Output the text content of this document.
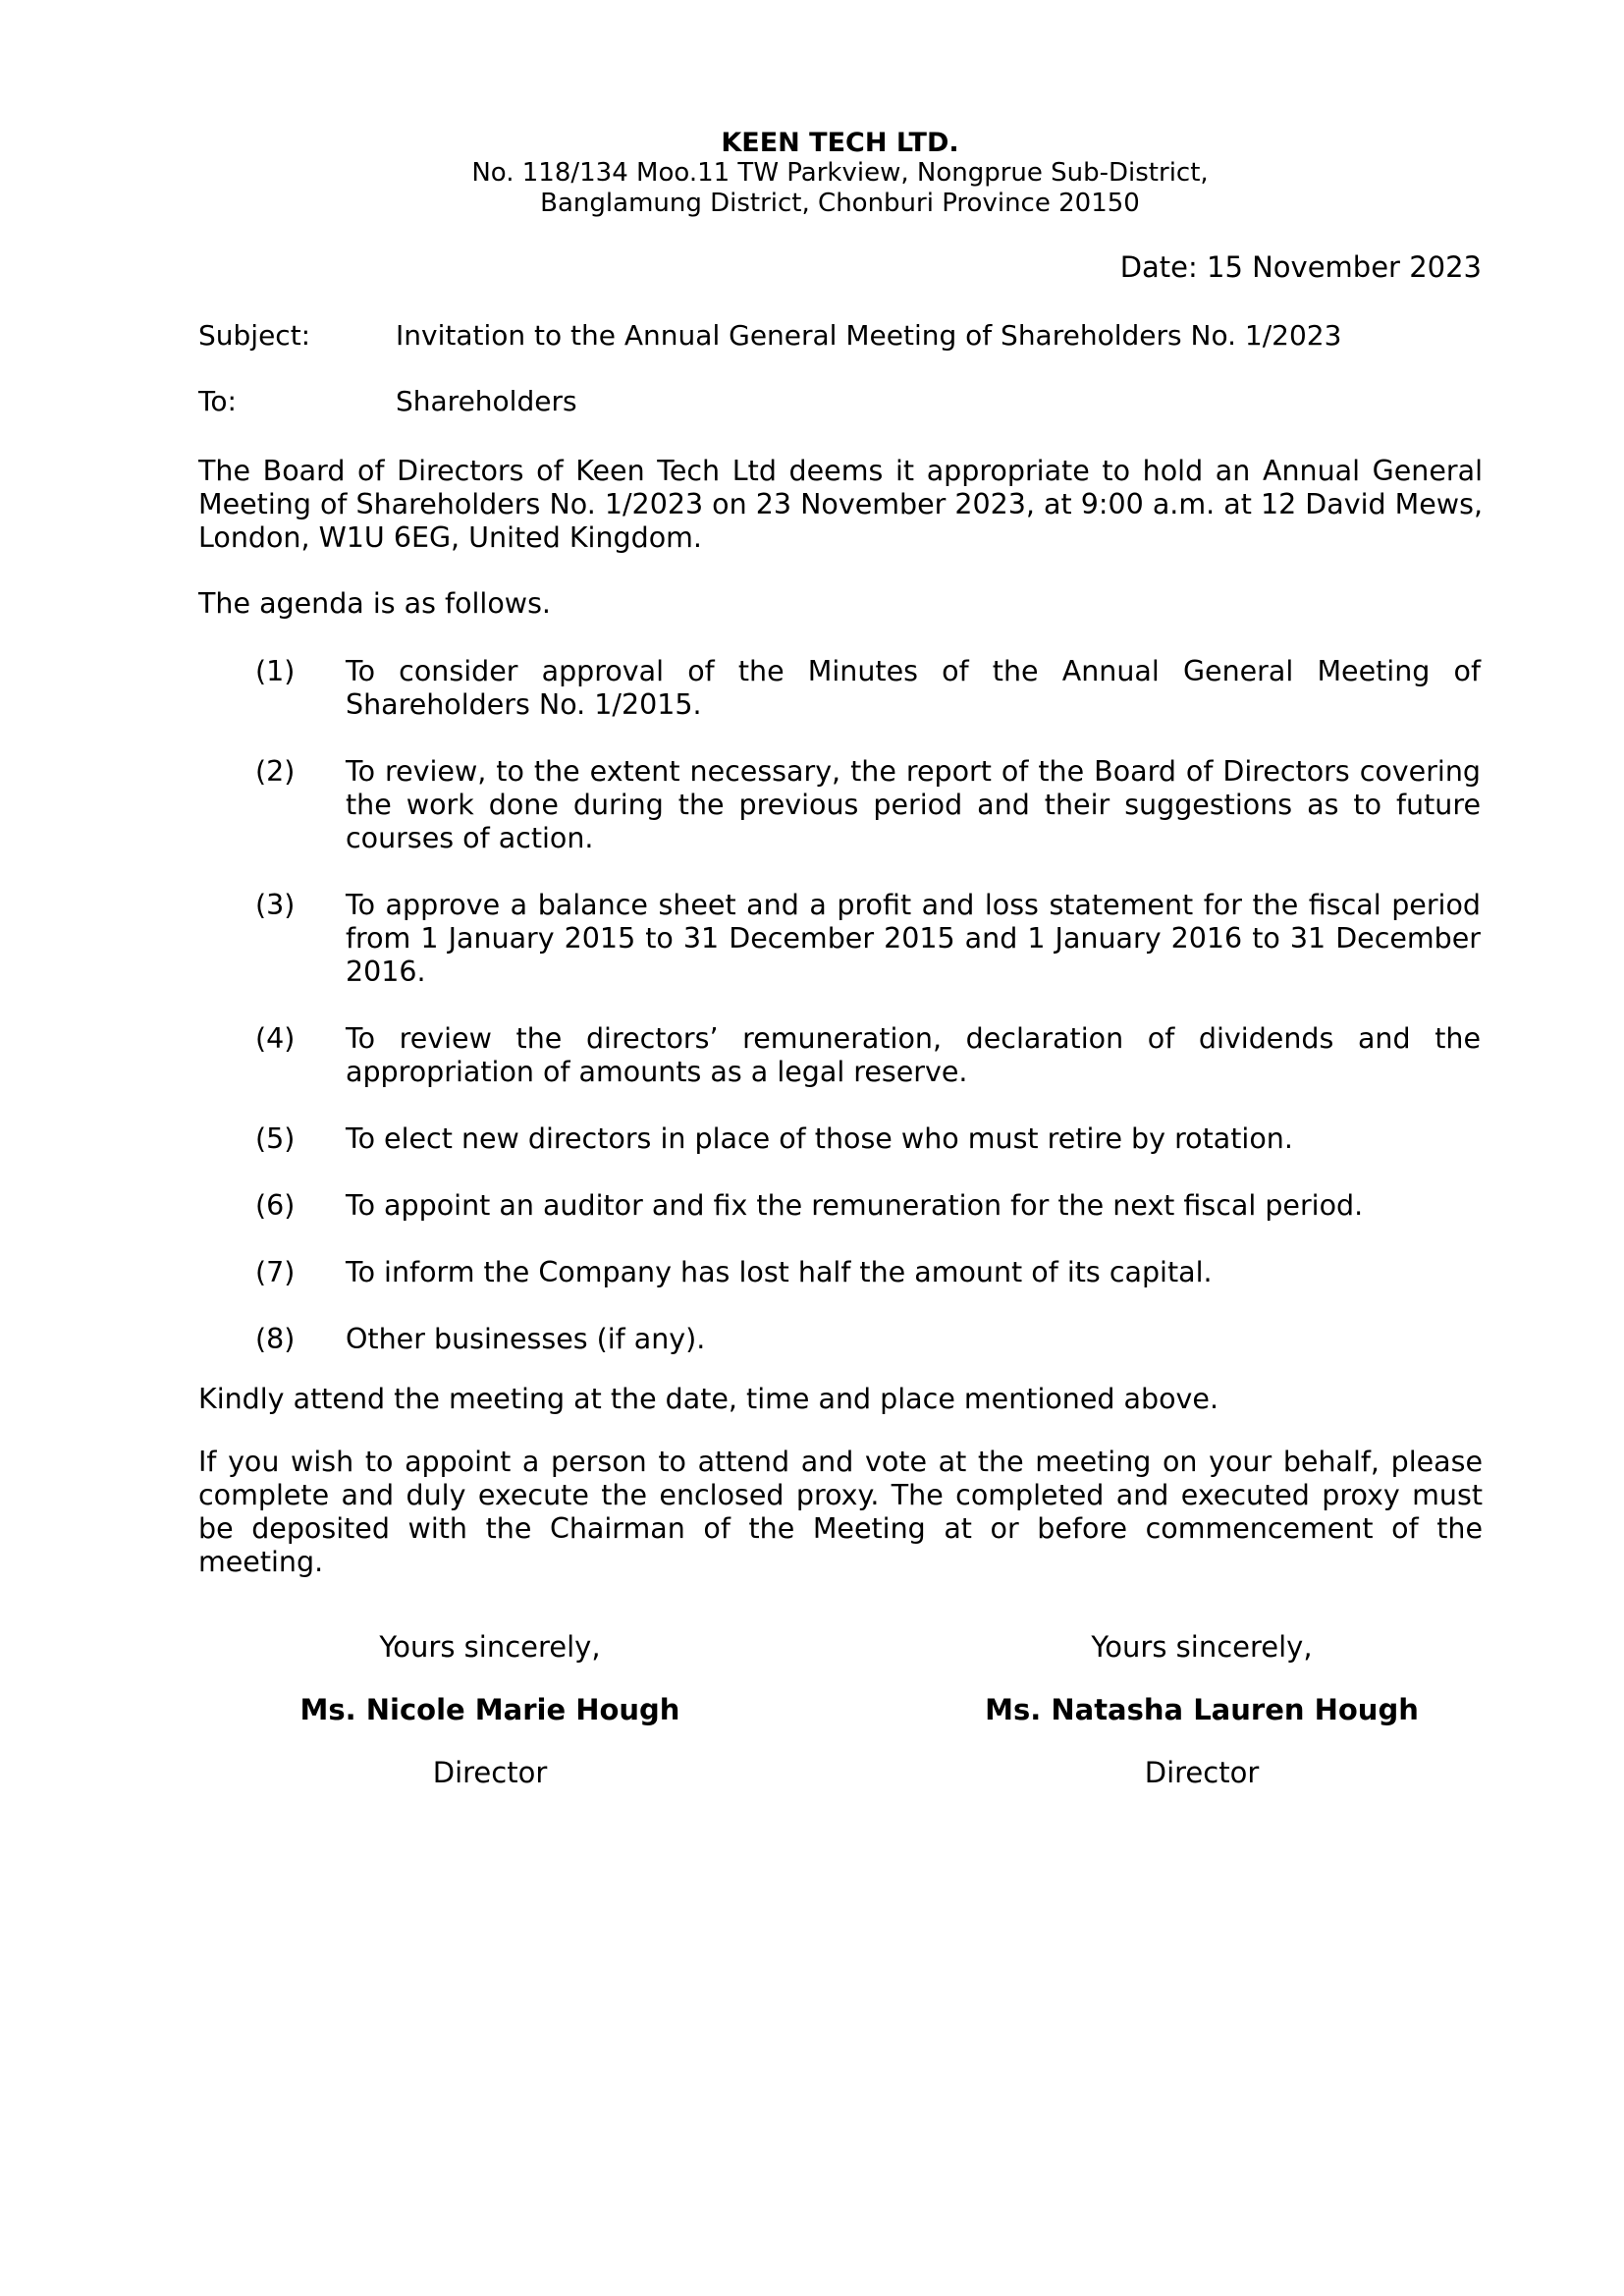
KEEN TECH LTD.
No. 118/134 Moo.11 TW Parkview, Nongprue Sub-District,
Banglamung District, Chonburi Province 20150
Date: 15 November 2023
Subject:	Invitation to the Annual General Meeting of Shareholders No. 1/2023
To:	Shareholders
The Board of Directors of Keen Tech Ltd deems it appropriate to hold an Annual General Meeting of Shareholders No. 1/2023 on 23 November 2023, at 9:00 a.m. at 12 David Mews, London, W1U 6EG, United Kingdom.
The agenda is as follows.
(1)	To consider approval of the Minutes of the Annual General Meeting of Shareholders No. 1/2015.
(2)	To review, to the extent necessary, the report of the Board of Directors covering the work done during the previous period and their suggestions as to future courses of action.
(3)	To approve a balance sheet and a profit and loss statement for the fiscal period from 1 January 2015 to 31 December 2015 and 1 January 2016 to 31 December 2016.
(4)	To review the directors’ remuneration, declaration of dividends and the appropriation of amounts as a legal reserve.
(5)	To elect new directors in place of those who must retire by rotation.
(6)	To appoint an auditor and fix the remuneration for the next fiscal period.
(7)	To inform the Company has lost half the amount of its capital.
(8)	Other businesses (if any).
Kindly attend the meeting at the date, time and place mentioned above.
If you wish to appoint a person to attend and vote at the meeting on your behalf, please complete and duly execute the enclosed proxy. The completed and executed proxy must be deposited with the Chairman of the Meeting at or before commencement of the meeting.
Yours sincerely,
Ms. Nicole Marie Hough
Director
Yours sincerely,
Ms. Natasha Lauren Hough
Director
